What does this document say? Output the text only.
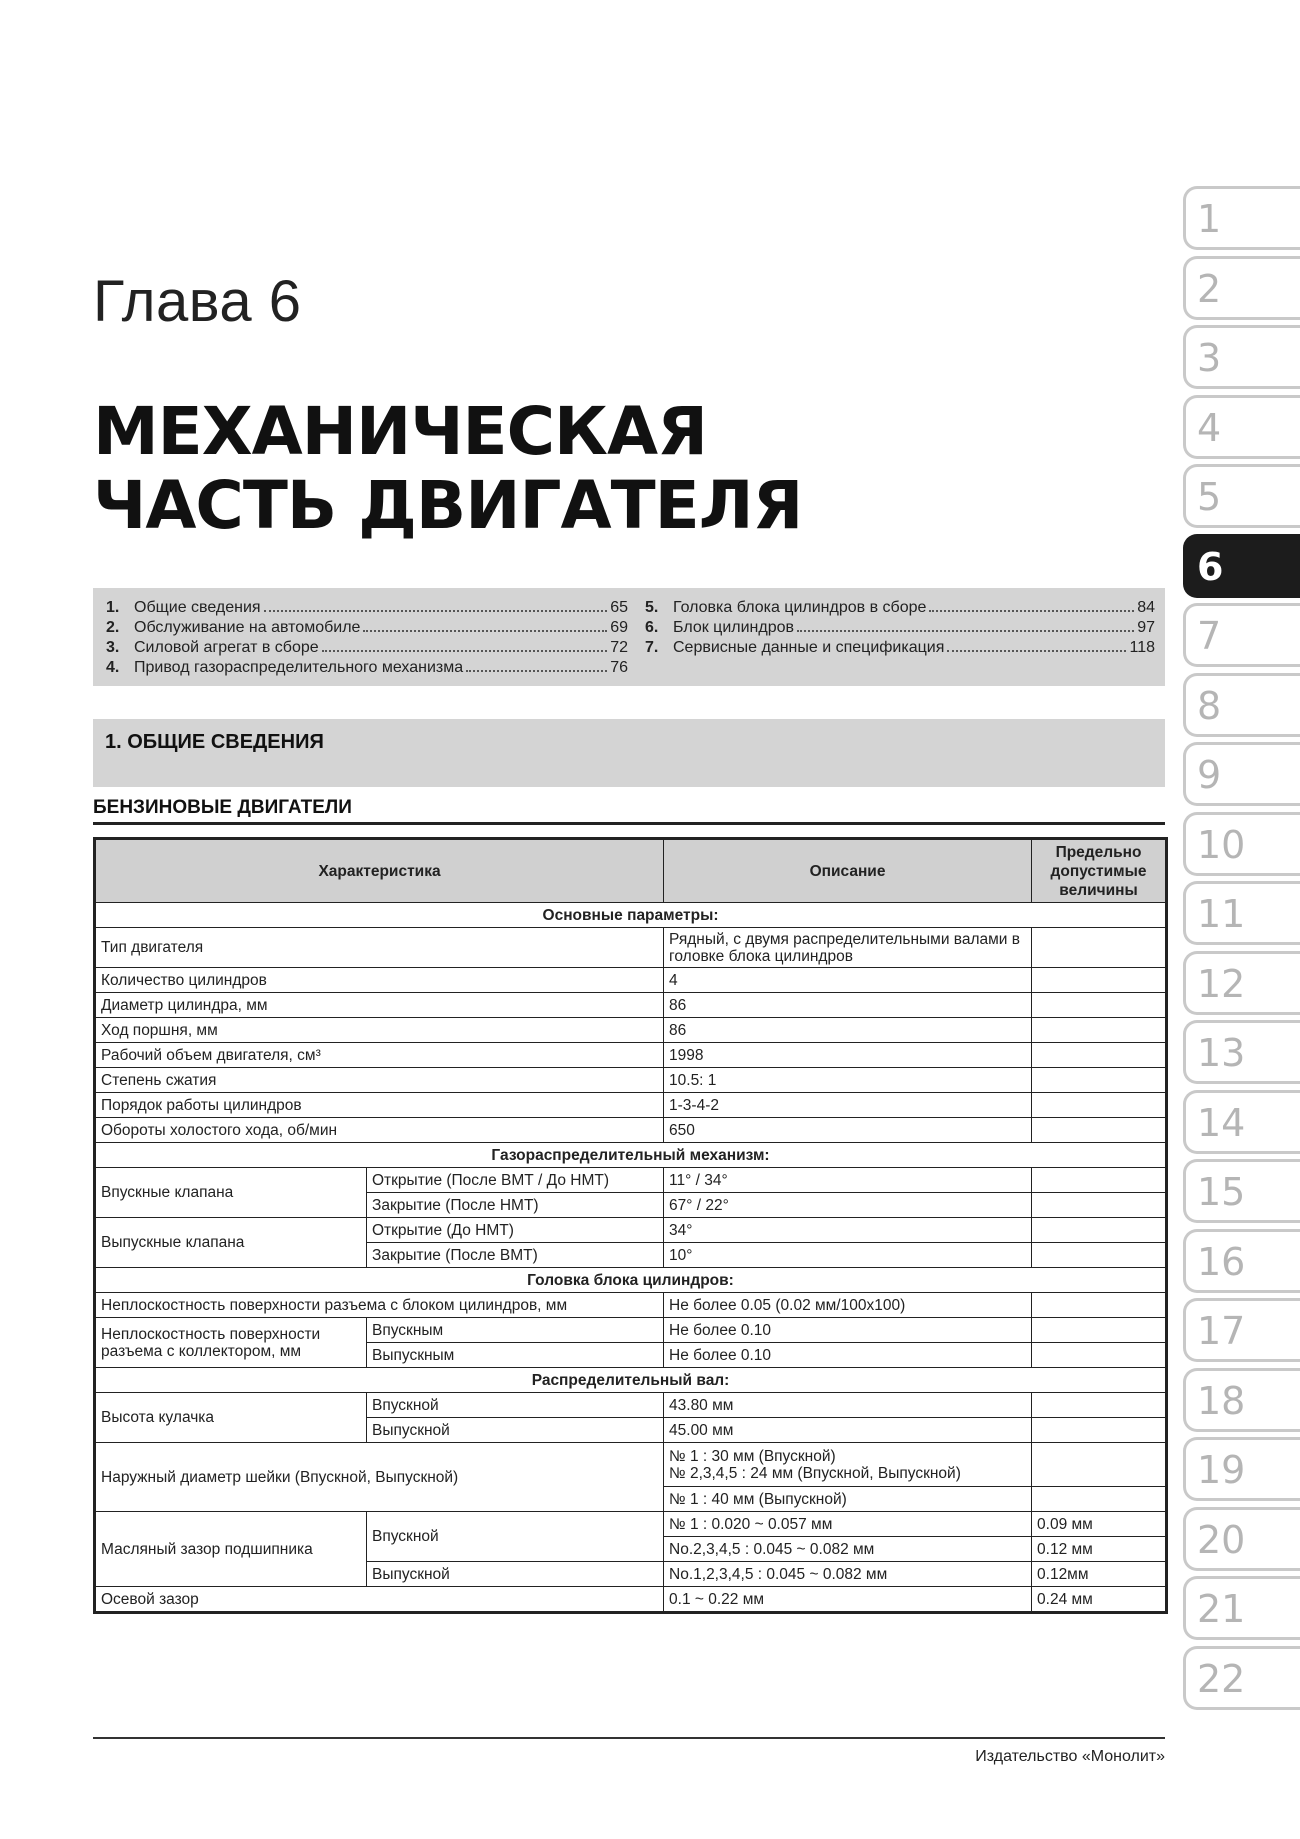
Глава 6
МЕХАНИЧЕСКАЯ
ЧАСТЬ ДВИГАТЕЛЯ
1
2
3
4
5
6
7
8
9
10
11
12
13
14
15
16
17
18
19
20
21
22
1. Общие сведения	65
2. Обслуживание на автомобиле	69
3. Силовой агрегат в сборе	72
4. Привод газораспределительного механизма	76
5. Головка блока цилиндров в сборе	84
6. Блок цилиндров	97
7. Сервисные данные и спецификация	118
1. ОБЩИЕ СВЕДЕНИЯ
БЕНЗИНОВЫЕ ДВИГАТЕЛИ
Характеристика		Описание	Предельно допустимые величины
Основные параметры:			
Тип двигателя		Рядный, с двумя распределительными валами в головке блока цилиндров	
Количество цилиндров		4	
Диаметр цилиндра, мм		86	
Ход поршня, мм		86	
Рабочий объем двигателя, см³		1998	
Степень сжатия		10.5: 1	
Порядок работы цилиндров		1-3-4-2	
Обороты холостого хода, об/мин		650	
Газораспределительный механизм:			
Впускные клапана	Открытие (После ВМТ / До НМТ)	11° / 34°	
	Закрытие (После НМТ)	67° / 22°	
Выпускные клапана	Открытие (До НМТ)	34°	
	Закрытие (После ВМТ)	10°	
Головка блока цилиндров:			
Неплоскостность поверхности разъема с блоком цилиндров, мм		Не более 0.05 (0.02 мм/100х100)	
Неплоскостность поверхности разъема с коллектором, мм	Впускным	Не более 0.10	
	Выпускным	Не более 0.10	
Распределительный вал:			
Высота кулачка	Впускной	43.80 мм	
	Выпускной	45.00 мм	
Наружный диаметр шейки (Впускной, Выпускной)		№ 1 : 30 мм (Впускной)
№ 2,3,4,5 : 24 мм (Впускной, Выпускной)	

		№ 1 : 40 мм (Выпускной)	
Масляный зазор подшипника	Впускной	№ 1 : 0.020 ~ 0.057 мм	0.09 мм
		No.2,3,4,5 : 0.045 ~ 0.082 мм	0.12 мм
	Выпускной	No.1,2,3,4,5 : 0.045 ~ 0.082 мм	0.12мм
Осевой зазор		0.1 ~ 0.22 мм	0.24 мм
Издательство «Монолит»
